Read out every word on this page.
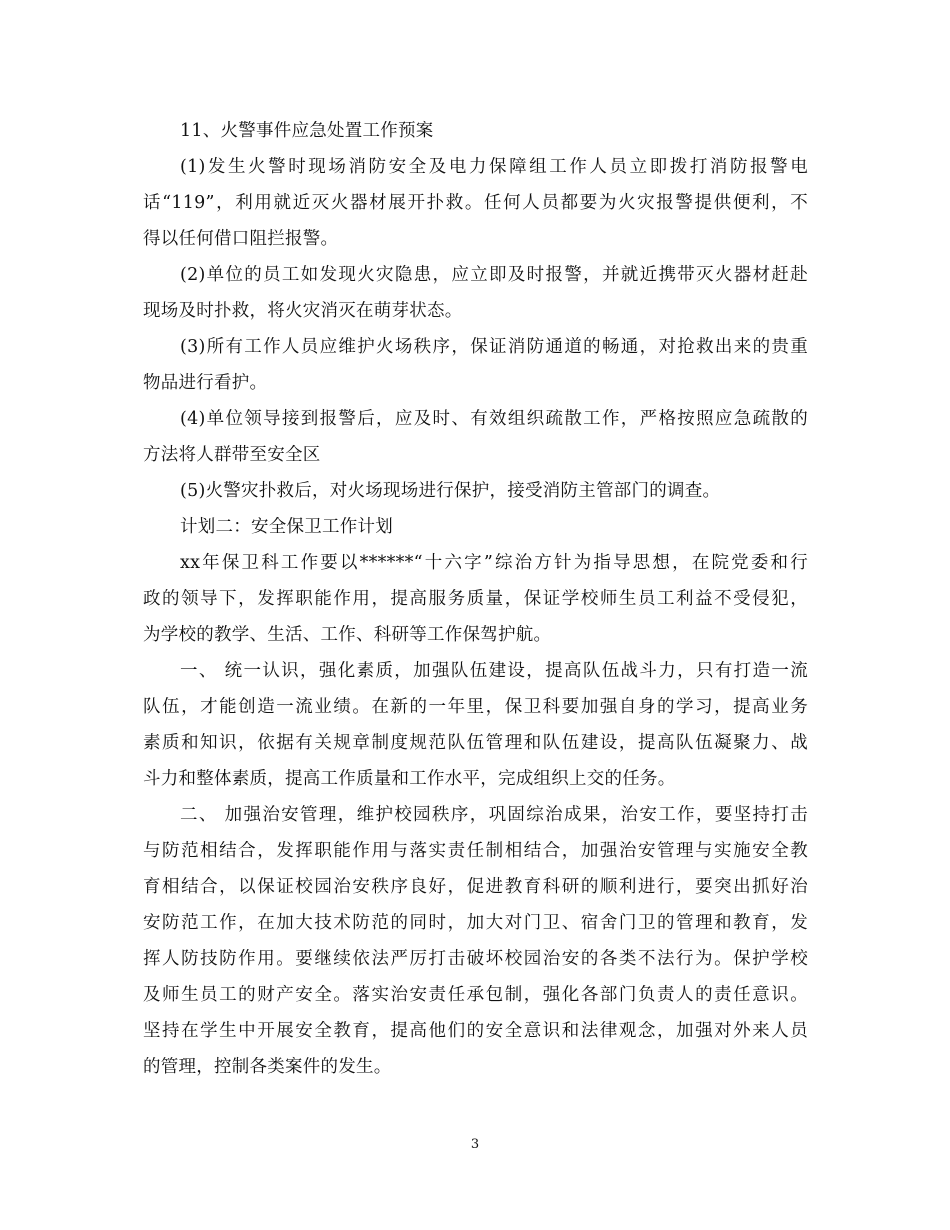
11、火警事件应急处置工作预案
(1)发生火警时现场消防安全及电力保障组工作人员立即拨打消防报警电
话“119”，利用就近灭火器材展开扑救。任何人员都要为火灾报警提供便利，不
得以任何借口阻拦报警。
(2)单位的员工如发现火灾隐患，应立即及时报警，并就近携带灭火器材赶赴
现场及时扑救，将火灾消灭在萌芽状态。
(3)所有工作人员应维护火场秩序，保证消防通道的畅通，对抢救出来的贵重
物品进行看护。
(4)单位领导接到报警后，应及时、有效组织疏散工作，严格按照应急疏散的
方法将人群带至安全区
(5)火警灾扑救后，对火场现场进行保护，接受消防主管部门的调查。
计划二：安全保卫工作计划
xx年保卫科工作要以******“十六字”综治方针为指导思想，在院党委和行
政的领导下，发挥职能作用，提高服务质量，保证学校师生员工利益不受侵犯，
为学校的教学、生活、工作、科研等工作保驾护航。
一、 统一认识，强化素质，加强队伍建设，提高队伍战斗力，只有打造一流
队伍，才能创造一流业绩。在新的一年里，保卫科要加强自身的学习，提高业务
素质和知识，依据有关规章制度规范队伍管理和队伍建设，提高队伍凝聚力、战
斗力和整体素质，提高工作质量和工作水平，完成组织上交的任务。
二、 加强治安管理，维护校园秩序，巩固综治成果，治安工作，要坚持打击
与防范相结合，发挥职能作用与落实责任制相结合，加强治安管理与实施安全教
育相结合，以保证校园治安秩序良好，促进教育科研的顺利进行，要突出抓好治
安防范工作，在加大技术防范的同时，加大对门卫、宿舍门卫的管理和教育，发
挥人防技防作用。要继续依法严厉打击破坏校园治安的各类不法行为。保护学校
及师生员工的财产安全。落实治安责任承包制，强化各部门负责人的责任意识。
坚持在学生中开展安全教育，提高他们的安全意识和法律观念，加强对外来人员
的管理，控制各类案件的发生。
3
